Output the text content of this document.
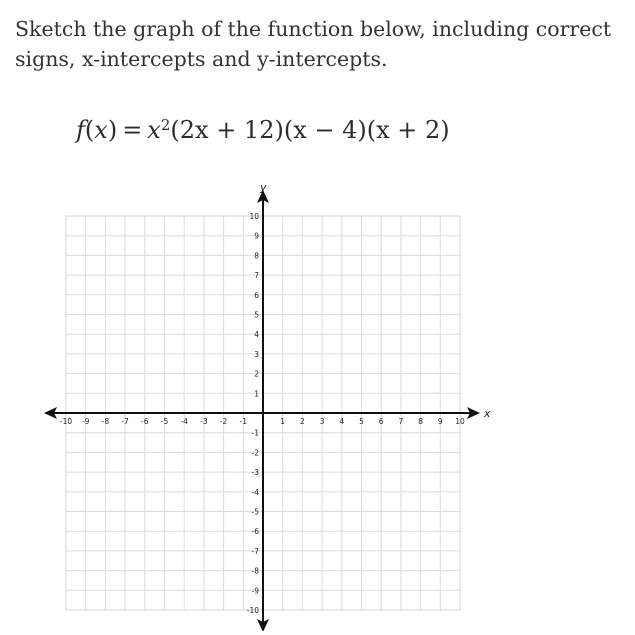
Sketch the graph of the function below, including correct signs, x-intercepts and y-intercepts.

$f(x) = x^2(2x + 12)(x - 4)(x + 2)$
x
y
-10 -9 -8 -7 -6 -5 -4 -3 -2 -1	1 2 3 4 5 6 7 8 9 10
10
9
8
7
6
5
4
3
2
1
-1
-2
-3
-4
-5
-6
-7
-8
-9
-10
